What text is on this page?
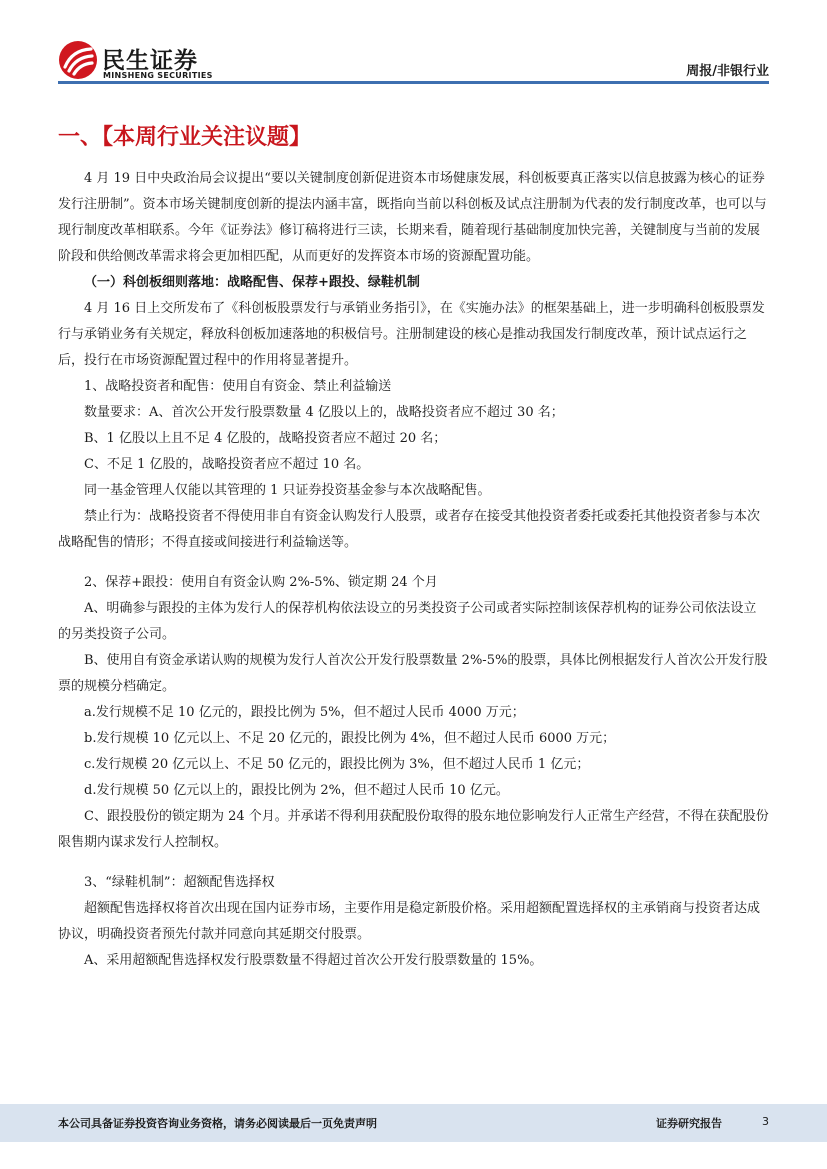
民生证券
MINSHENG SECURITIES	周报/非银行业
一、【本周行业关注议题】

4 月 19 日中央政治局会议提出“要以关键制度创新促进资本市场健康发展，科创板要真正落实以信息披露为核心的证券发行注册制”。资本市场关键制度创新的提法内涵丰富，既指向当前以科创板及试点注册制为代表的发行制度改革，也可以与现行制度改革相联系。今年《证券法》修订稿将进行三读，长期来看，随着现行基础制度加快完善，关键制度与当前的发展阶段和供给侧改革需求将会更加相匹配，从而更好的发挥资本市场的资源配置功能。

（一）科创板细则落地：战略配售、保荐+跟投、绿鞋机制

4 月 16 日上交所发布了《科创板股票发行与承销业务指引》，在《实施办法》的框架基础上，进一步明确科创板股票发行与承销业务有关规定，释放科创板加速落地的积极信号。注册制建设的核心是推动我国发行制度改革，预计试点运行之后，投行在市场资源配置过程中的作用将显著提升。

1、战略投资者和配售：使用自有资金、禁止利益输送

数量要求：A、首次公开发行股票数量 4 亿股以上的，战略投资者应不超过 30 名；

B、1 亿股以上且不足 4 亿股的，战略投资者应不超过 20 名；

C、不足 1 亿股的，战略投资者应不超过 10 名。

同一基金管理人仅能以其管理的 1 只证券投资基金参与本次战略配售。

禁止行为：战略投资者不得使用非自有资金认购发行人股票，或者存在接受其他投资者委托或委托其他投资者参与本次战略配售的情形；不得直接或间接进行利益输送等。

2、保荐+跟投：使用自有资金认购 2%-5%、锁定期 24 个月

A、明确参与跟投的主体为发行人的保荐机构依法设立的另类投资子公司或者实际控制该保荐机构的证券公司依法设立的另类投资子公司。

B、使用自有资金承诺认购的规模为发行人首次公开发行股票数量 2%-5%的股票，具体比例根据发行人首次公开发行股票的规模分档确定。

a.发行规模不足 10 亿元的，跟投比例为 5%，但不超过人民币 4000 万元；

b.发行规模 10 亿元以上、不足 20 亿元的，跟投比例为 4%，但不超过人民币 6000 万元；

c.发行规模 20 亿元以上、不足 50 亿元的，跟投比例为 3%，但不超过人民币 1 亿元；

d.发行规模 50 亿元以上的，跟投比例为 2%，但不超过人民币 10 亿元。

C、跟投股份的锁定期为 24 个月。并承诺不得利用获配股份取得的股东地位影响发行人正常生产经营，不得在获配股份限售期内谋求发行人控制权。

3、“绿鞋机制”：超额配售选择权

超额配售选择权将首次出现在国内证券市场，主要作用是稳定新股价格。采用超额配置选择权的主承销商与投资者达成协议，明确投资者预先付款并同意向其延期交付股票。

A、采用超额配售选择权发行股票数量不得超过首次公开发行股票数量的 15%。

本公司具备证券投资咨询业务资格，请务必阅读最后一页免责声明	证券研究报告	3
